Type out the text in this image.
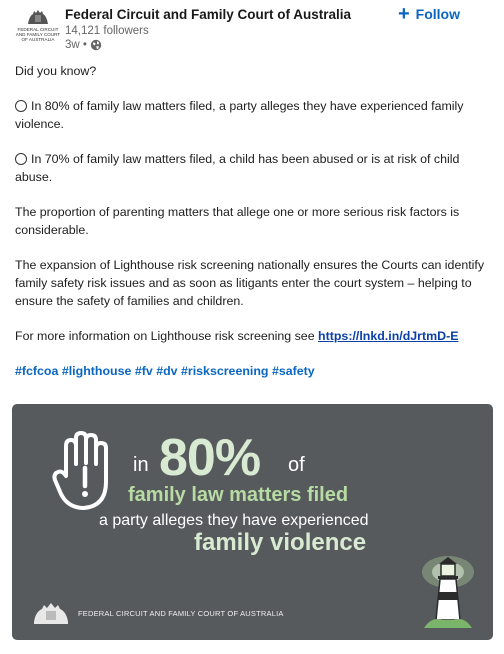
FEDERAL CIRCUIT
AND FAMILY COURT
OF AUSTRALIA
Federal Circuit and Family Court of Australia
14,121 followers
3w •
+ Follow

Did you know?

In 80% of family law matters filed, a party alleges they have experienced family violence.

In 70% of family law matters filed, a child has been abused or is at risk of child abuse.

The proportion of parenting matters that allege one or more serious risk factors is considerable.

The expansion of Lighthouse risk screening nationally ensures the Courts can identify family safety risk issues and as soon as litigants enter the court system – helping to ensure the safety of families and children.

For more information on Lighthouse risk screening see https://lnkd.in/dJrtmD-E

#fcfcoa #lighthouse #fv #dv #riskscreening #safety

in 80% of
family law matters filed
a party alleges they have experienced
family violence
FEDERAL CIRCUIT AND FAMILY COURT OF AUSTRALIA
